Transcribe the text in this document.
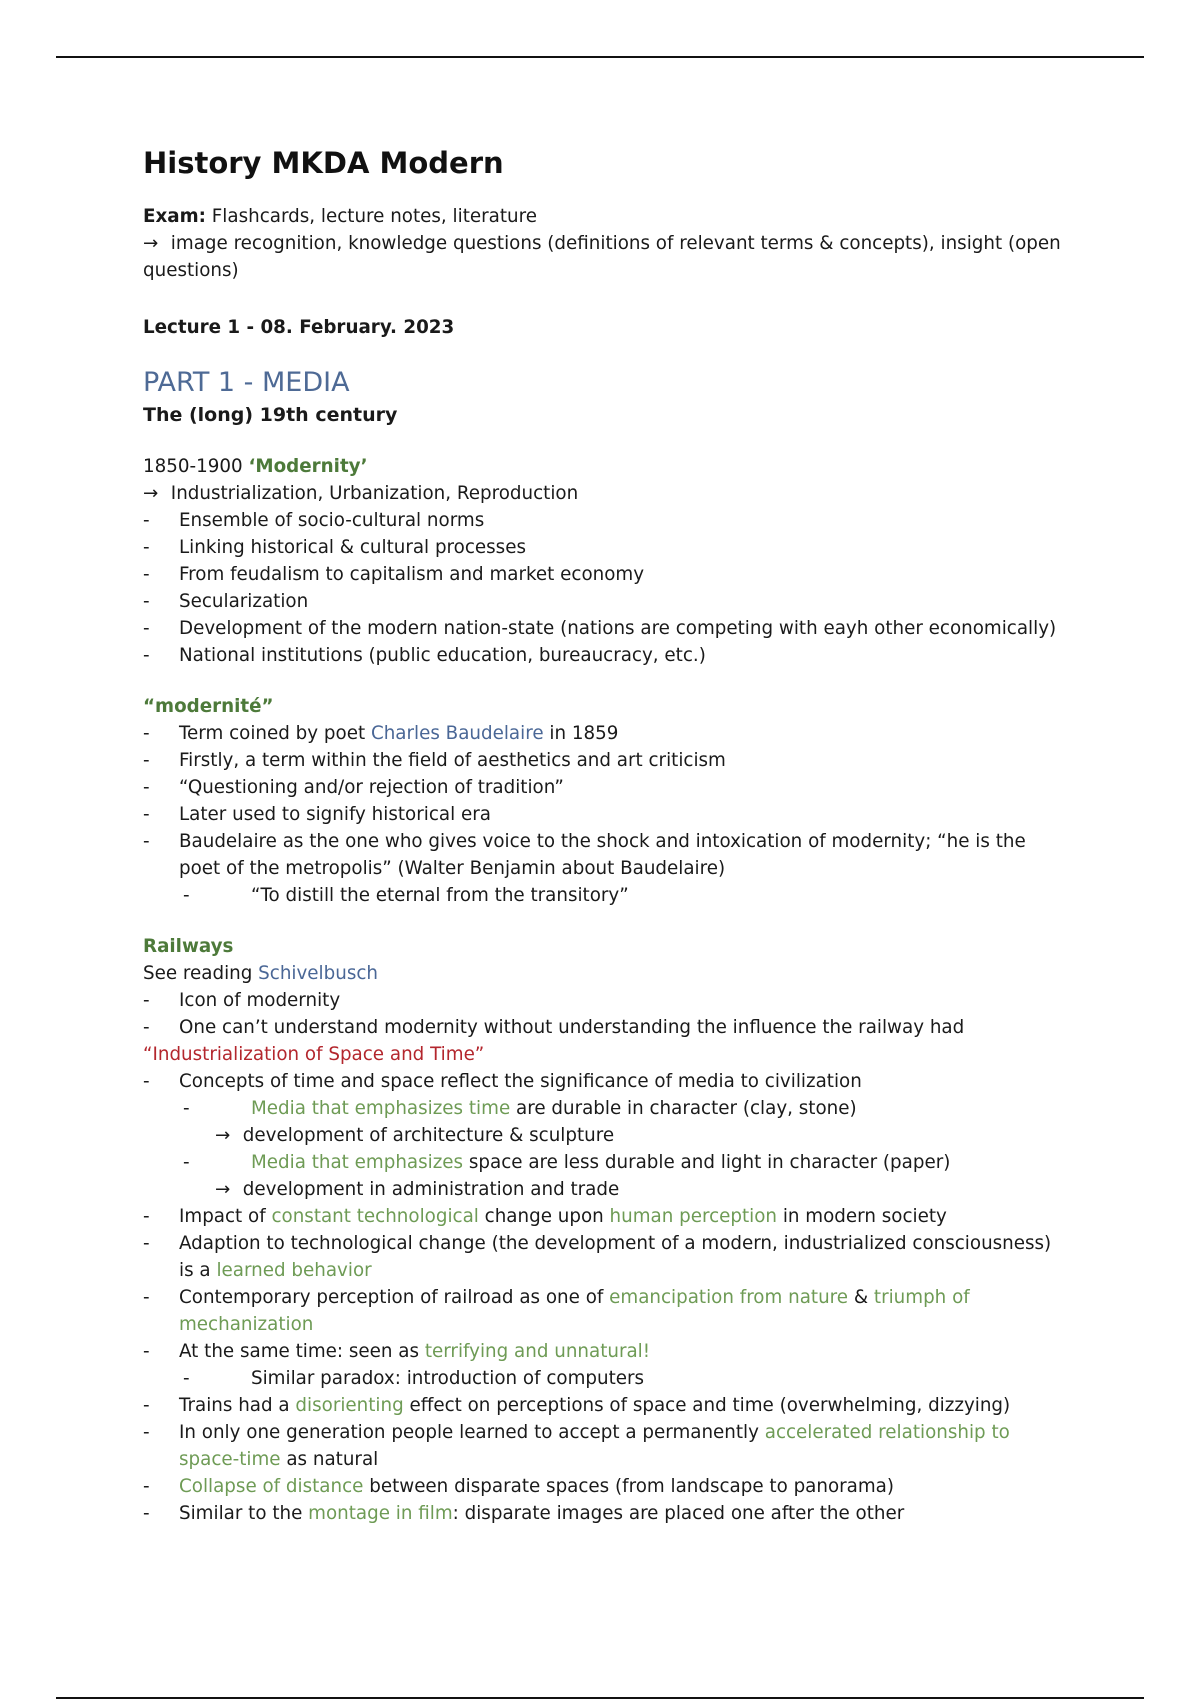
History MKDA Modern

Exam: Flashcards, lecture notes, literature

→ image recognition, knowledge questions (definitions of relevant terms & concepts), insight (open questions)

Lecture 1 - 08. February. 2023

PART 1 - MEDIA

The (long) 19th century

1850-1900 ‘Modernity’

→ Industrialization, Urbanization, Reproduction

-	Ensemble of socio-cultural norms
-	Linking historical & cultural processes
-	From feudalism to capitalism and market economy
-	Secularization
-	Development of the modern nation-state (nations are competing with eayh other economically)
-	National institutions (public education, bureaucracy, etc.)

“modernité”

-	Term coined by poet Charles Baudelaire in 1859
-	Firstly, a term within the field of aesthetics and art criticism
-	“Questioning and/or rejection of tradition”
-	Later used to signify historical era
-	Baudelaire as the one who gives voice to the shock and intoxication of modernity; “he is the poet of the metropolis” (Walter Benjamin about Baudelaire)
-	“To distill the eternal from the transitory”

Railways

See reading Schivelbusch

-	Icon of modernity
-	One can’t understand modernity without understanding the influence the railway had

“Industrialization of Space and Time”

-	Concepts of time and space reflect the significance of media to civilization
-	Media that emphasizes time are durable in character (clay, stone)

→ development of architecture & sculpture

-	Media that emphasizes space are less durable and light in character (paper)

→ development in administration and trade

-	Impact of constant technological change upon human perception in modern society
-	Adaption to technological change (the development of a modern, industrialized consciousness) is a learned behavior
-	Contemporary perception of railroad as one of emancipation from nature & triumph of mechanization
-	At the same time: seen as terrifying and unnatural!
-	Similar paradox: introduction of computers
-	Trains had a disorienting effect on perceptions of space and time (overwhelming, dizzying)
-	In only one generation people learned to accept a permanently accelerated relationship to space-time as natural
-	Collapse of distance between disparate spaces (from landscape to panorama)
-	Similar to the montage in film: disparate images are placed one after the other
